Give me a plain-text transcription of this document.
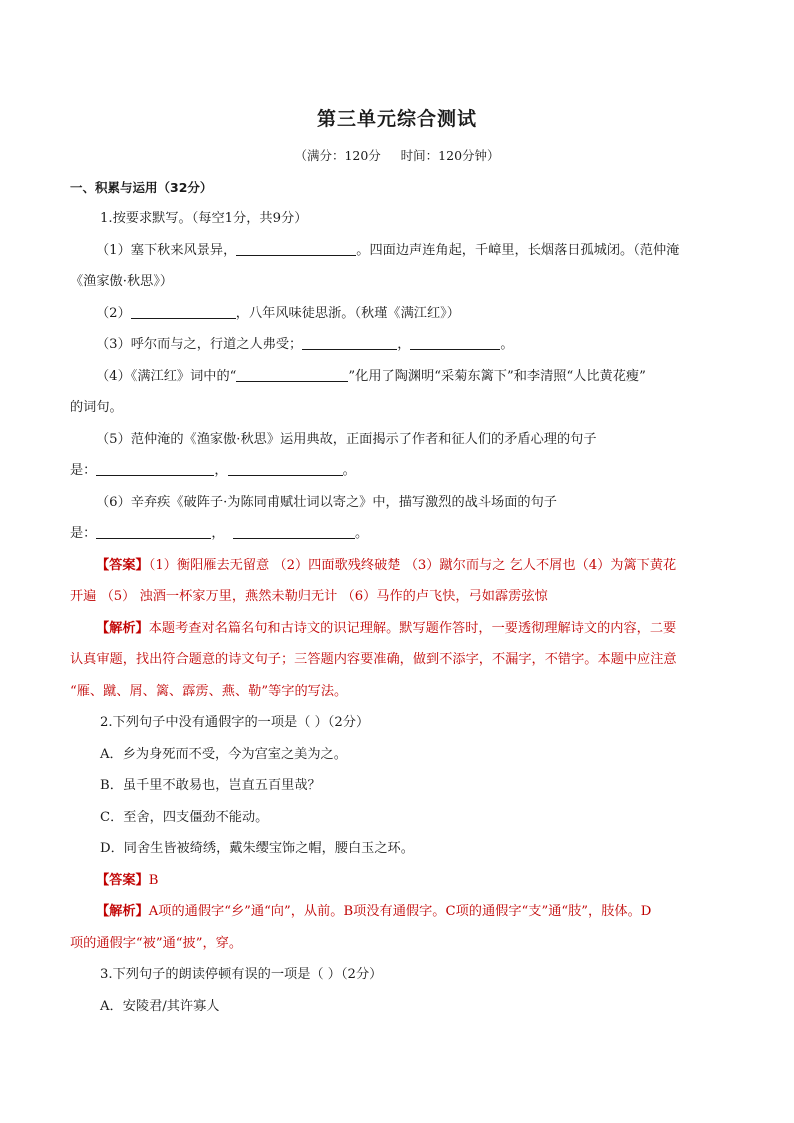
第三单元综合测试
（满分：120分     时间：120分钟）
一、积累与运用（32分）

1.按要求默写。（每空1分，共9分）

（1）塞下秋来风景异，	。四面边声连角起，千嶂里，长烟落日孤城闭。（范仲淹

《渔家傲·秋思》）

（2）	，八年风味徒思浙。（秋瑾《满江红》）

（3）呼尔而与之，行道之人弗受；	，	。

（4）《满江红》词中的“	”化用了陶渊明“采菊东篱下”和李清照“人比黄花瘦”

的词句。

（5）范仲淹的《渔家傲·秋思》运用典故，正面揭示了作者和征人们的矛盾心理的句子

是：	，	。

（6）辛弃疾《破阵子·为陈同甫赋壮词以寄之》中，描写激烈的战斗场面的句子

是：	，	。

【答案】（1）衡阳雁去无留意 （2）四面歌残终破楚 （3）蹴尔而与之 乞人不屑也（4）为篱下黄花

开遍 （5） 浊酒一杯家万里，燕然未勒归无计 （6）马作的卢飞快，弓如霹雳弦惊

【解析】本题考查对名篇名句和古诗文的识记理解。默写题作答时，一要透彻理解诗文的内容，二要

认真审题，找出符合题意的诗文句子；三答题内容要准确，做到不添字，不漏字，不错字。本题中应注意

“雁、蹴、屑、篱、霹雳、燕、勒”等字的写法。

2.下列句子中没有通假字的一项是（ ）（2分）

A．乡为身死而不受，今为宫室之美为之。

B．虽千里不敢易也，岂直五百里哉？

C．至舍，四支僵劲不能动。

D．同舍生皆被绮绣，戴朱缨宝饰之帽，腰白玉之环。

【答案】B

【解析】A项的通假字“乡”通“向”，从前。B项没有通假字。C项的通假字“支”通“肢”，肢体。D

项的通假字“被”通“披”，穿。

3.下列句子的朗读停顿有误的一项是（ ）（2分）

A．安陵君/其许寡人
